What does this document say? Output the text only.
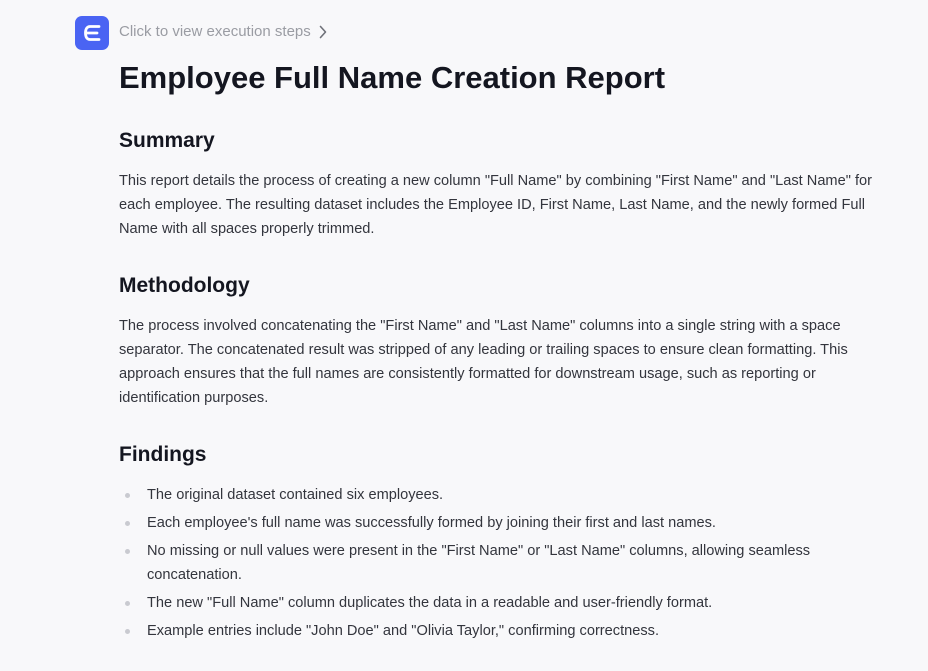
Click to view execution steps
Employee Full Name Creation Report
Summary

This report details the process of creating a new column "Full Name" by combining "First Name" and "Last Name" for each employee. The resulting dataset includes the Employee ID, First Name, Last Name, and the newly formed Full Name with all spaces properly trimmed.

Methodology

The process involved concatenating the "First Name" and "Last Name" columns into a single string with a space separator. The concatenated result was stripped of any leading or trailing spaces to ensure clean formatting. This approach ensures that the full names are consistently formatted for downstream usage, such as reporting or identification purposes.

Findings
The original dataset contained six employees.
Each employee's full name was successfully formed by joining their first and last names.
No missing or null values were present in the "First Name" or "Last Name" columns, allowing seamless concatenation.
The new "Full Name" column duplicates the data in a readable and user-friendly format.
Example entries include "John Doe" and "Olivia Taylor," confirming correctness.
